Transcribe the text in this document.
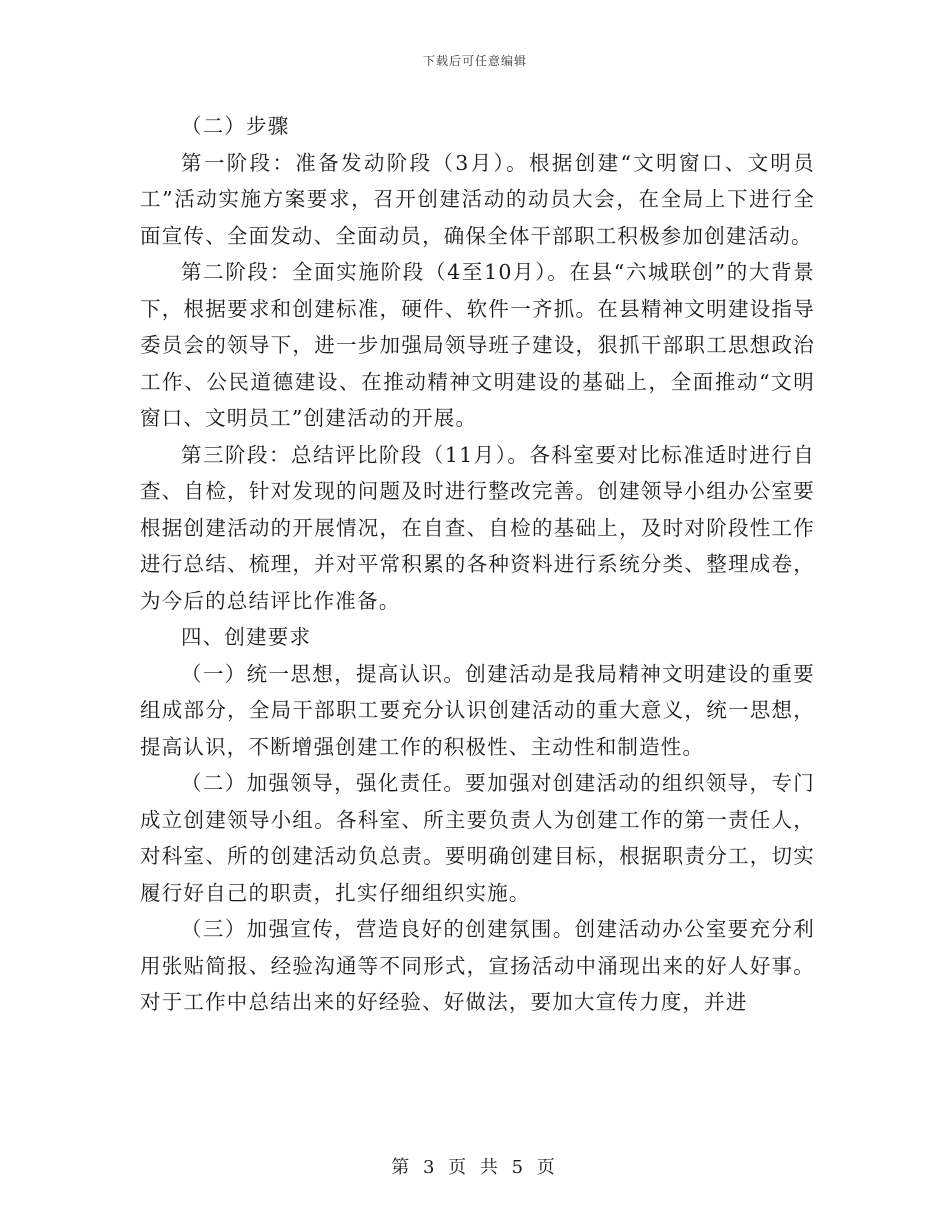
下载后可任意编辑

（二）步骤

第一阶段：准备发动阶段（3月）。根据创建“文明窗口、文明员工”活动实施方案要求，召开创建活动的动员大会，在全局上下进行全面宣传、全面发动、全面动员，确保全体干部职工积极参加创建活动。

第二阶段：全面实施阶段（4至10月）。在县“六城联创”的大背景下，根据要求和创建标准，硬件、软件一齐抓。在县精神文明建设指导委员会的领导下，进一步加强局领导班子建设，狠抓干部职工思想政治工作、公民道德建设、在推动精神文明建设的基础上，全面推动“文明窗口、文明员工”创建活动的开展。

第三阶段：总结评比阶段（11月）。各科室要对比标准适时进行自查、自检，针对发现的问题及时进行整改完善。创建领导小组办公室要根据创建活动的开展情况，在自查、自检的基础上，及时对阶段性工作进行总结、梳理，并对平常积累的各种资料进行系统分类、整理成卷，为今后的总结评比作准备。

四、创建要求

（一）统一思想，提高认识。创建活动是我局精神文明建设的重要组成部分，全局干部职工要充分认识创建活动的重大意义，统一思想，提高认识，不断增强创建工作的积极性、主动性和制造性。

（二）加强领导，强化责任。要加强对创建活动的组织领导，专门成立创建领导小组。各科室、所主要负责人为创建工作的第一责任人，对科室、所的创建活动负总责。要明确创建目标，根据职责分工，切实履行好自己的职责，扎实仔细组织实施。

（三）加强宣传，营造良好的创建氛围。创建活动办公室要充分利用张贴简报、经验沟通等不同形式，宣扬活动中涌现出来的好人好事。对于工作中总结出来的好经验、好做法，要加大宣传力度，并进

第 3 页 共 5 页
